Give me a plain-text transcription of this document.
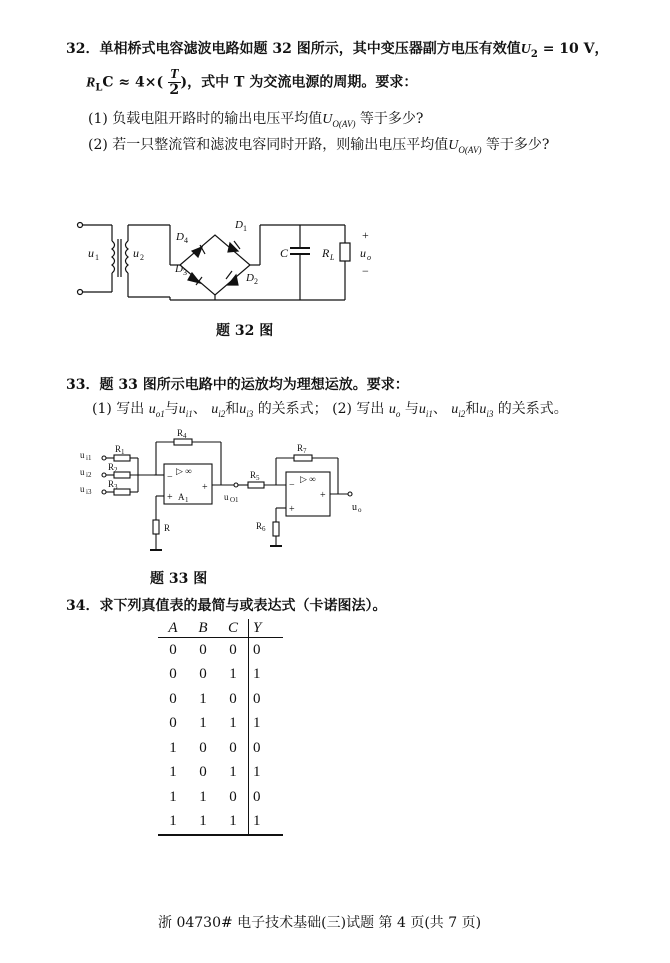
32．单相桥式电容滤波电路如题 32 图所示，其中变压器副方电压有效值$U_2 = 10$ V，
$R_LC \approx 4\times( \frac{T}{2}$ )，式中 T 为交流电源的周期。要求：
(1) 负载电阻开路时的输出电压平均值$U_{O(AV)}$ 等于多少?
(2) 若一只整流管和滤波电容同时开路，则输出电压平均值$U_{O(AV)}$ 等于多少?
u 1	u 2
D 4
D 1
D 3	D 2
C	R L
+
u o
−
题 32 图
33．题 33 图所示电路中的运放均为理想运放。要求：
(1) 写出 $u_{o1}$与$u_{i1}$、 $u_{i2}$和$u_{i3}$ 的关系式； (2) 写出 $u_o$ 与$u_{i1}$、 $u_{i2}$和$u_{i3}$ 的关系式。
u i1
u i2
u i3
R 1
R 2
R 3
R 4
R 5
R 6
R 7
R
▷ ∞
−
+
+ A 1	u O1
▷ ∞
−
+
+	u o
题 33 图
34．求下列真值表的最简与或表达式（卡诺图法）。
A	B	C	Y
0	0	0	0
0	0	1	1
0	1	0	0
0	1	1	1
1	0	0	0
1	0	1	1
1	1	0	0
1	1	1	1

浙 04730# 电子技术基础(三)试题 第 4 页(共 7 页)
